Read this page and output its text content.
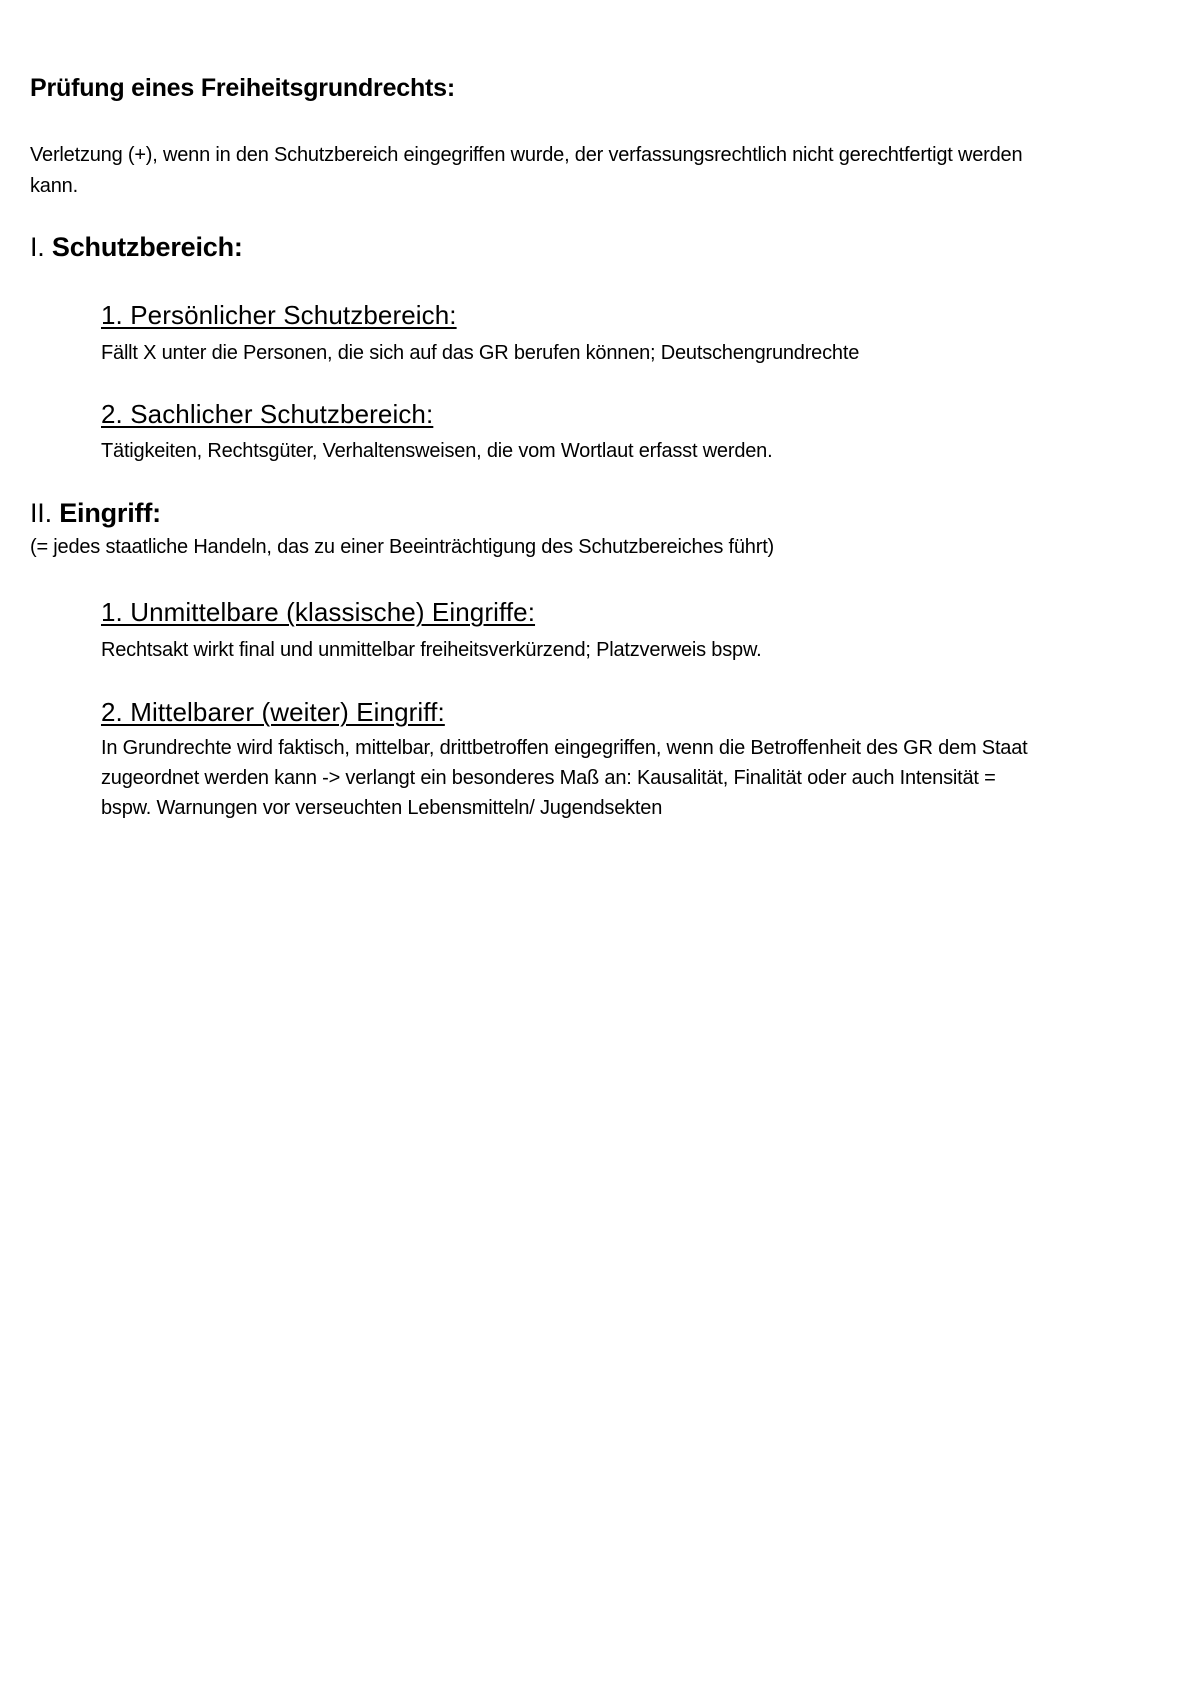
Prüfung eines Freiheitsgrundrechts:
Verletzung (+), wenn in den Schutzbereich eingegriffen wurde, der verfassungsrechtlich nicht gerechtfertigt werden
kann.
I. Schutzbereich:
1. Persönlicher Schutzbereich:
Fällt X unter die Personen, die sich auf das GR berufen können; Deutschengrundrechte
2. Sachlicher Schutzbereich:
Tätigkeiten, Rechtsgüter, Verhaltensweisen, die vom Wortlaut erfasst werden.
II. Eingriff:
(= jedes staatliche Handeln, das zu einer Beeinträchtigung des Schutzbereiches führt)
1. Unmittelbare (klassische) Eingriffe:
Rechtsakt wirkt final und unmittelbar freiheitsverkürzend; Platzverweis bspw.
2. Mittelbarer (weiter) Eingriff:
In Grundrechte wird faktisch, mittelbar, drittbetroffen eingegriffen, wenn die Betroffenheit des GR dem Staat
zugeordnet werden kann -> verlangt ein besonderes Maß an: Kausalität, Finalität oder auch Intensität =
bspw. Warnungen vor verseuchten Lebensmitteln/ Jugendsekten
